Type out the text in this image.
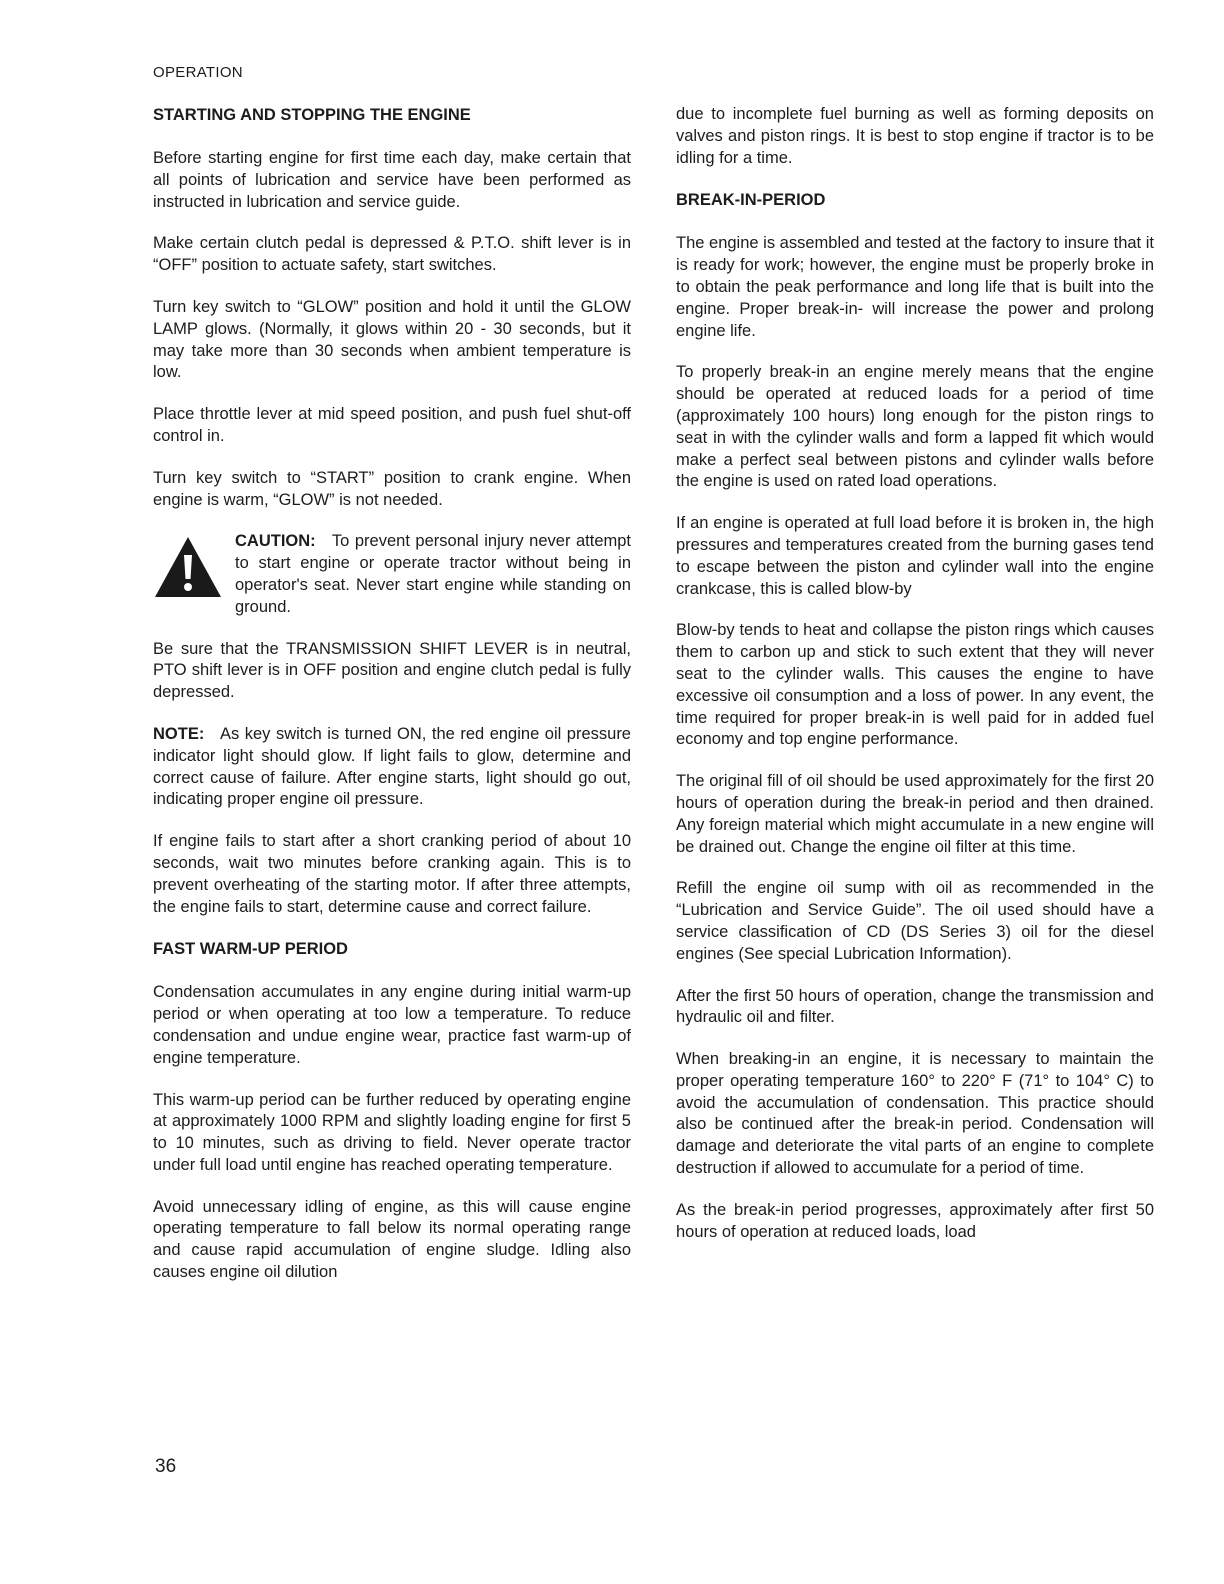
OPERATION
STARTING AND STOPPING THE ENGINE

Before starting engine for first time each day, make certain that all points of lubrication and service have been performed as instructed in lubrication and service guide.

Make certain clutch pedal is depressed & P.T.O. shift lever is in “OFF” position to actuate safety, start switches.

Turn key switch to “GLOW” position and hold it until the GLOW LAMP glows. (Normally, it glows within 20 - 30 seconds, but it may take more than 30 seconds when ambient temperature is low.

Place throttle lever at mid speed position, and push fuel shut-off control in.

Turn key switch to “START” position to crank engine. When engine is warm, “GLOW” is not needed.

CAUTION: To prevent personal injury never attempt to start engine or operate tractor without being in operator's seat. Never start engine while standing on ground.

Be sure that the TRANSMISSION SHIFT LEVER is in neutral, PTO shift lever is in OFF position and engine clutch pedal is fully depressed.

NOTE: As key switch is turned ON, the red engine oil pressure indicator light should glow. If light fails to glow, determine and correct cause of failure. After engine starts, light should go out, indicating proper engine oil pressure.

If engine fails to start after a short cranking period of about 10 seconds, wait two minutes before cranking again. This is to prevent overheating of the starting motor. If after three attempts, the engine fails to start, determine cause and correct failure.

FAST WARM-UP PERIOD

Condensation accumulates in any engine during initial warm-up period or when operating at too low a temperature. To reduce condensation and undue engine wear, practice fast warm-up of engine temperature.

This warm-up period can be further reduced by operating engine at approximately 1000 RPM and slightly loading engine for first 5 to 10 minutes, such as driving to field. Never operate tractor under full load until engine has reached operating temperature.

Avoid unnecessary idling of engine, as this will cause engine operating temperature to fall below its normal operating range and cause rapid accumulation of engine sludge. Idling also causes engine oil dilution

due to incomplete fuel burning as well as forming deposits on valves and piston rings. It is best to stop engine if tractor is to be idling for a time.

BREAK-IN-PERIOD

The engine is assembled and tested at the factory to insure that it is ready for work; however, the engine must be properly broke in to obtain the peak performance and long life that is built into the engine. Proper break-in- will increase the power and prolong engine life.

To properly break-in an engine merely means that the engine should be operated at reduced loads for a period of time (approximately 100 hours) long enough for the piston rings to seat in with the cylinder walls and form a lapped fit which would make a perfect seal between pistons and cylinder walls before the engine is used on rated load operations.

If an engine is operated at full load before it is broken in, the high pressures and temperatures created from the burning gases tend to escape between the piston and cylinder wall into the engine crankcase, this is called blow-by

Blow-by tends to heat and collapse the piston rings which causes them to carbon up and stick to such extent that they will never seat to the cylinder walls. This causes the engine to have excessive oil consumption and a loss of power. In any event, the time required for proper break-in is well paid for in added fuel economy and top engine performance.

The original fill of oil should be used approximately for the first 20 hours of operation during the break-in period and then drained. Any foreign material which might accumulate in a new engine will be drained out. Change the engine oil filter at this time.

Refill the engine oil sump with oil as recommended in the “Lubrication and Service Guide”. The oil used should have a service classification of CD (DS Series 3) oil for the diesel engines (See special Lubrication Information).

After the first 50 hours of operation, change the transmission and hydraulic oil and filter.

When breaking-in an engine, it is necessary to maintain the proper operating temperature 160° to 220° F (71° to 104° C) to avoid the accumulation of condensation. This practice should also be continued after the break-in period. Condensation will damage and deteriorate the vital parts of an engine to complete destruction if allowed to accumulate for a period of time.

As the break-in period progresses, approximately after first 50 hours of operation at reduced loads, load

36
